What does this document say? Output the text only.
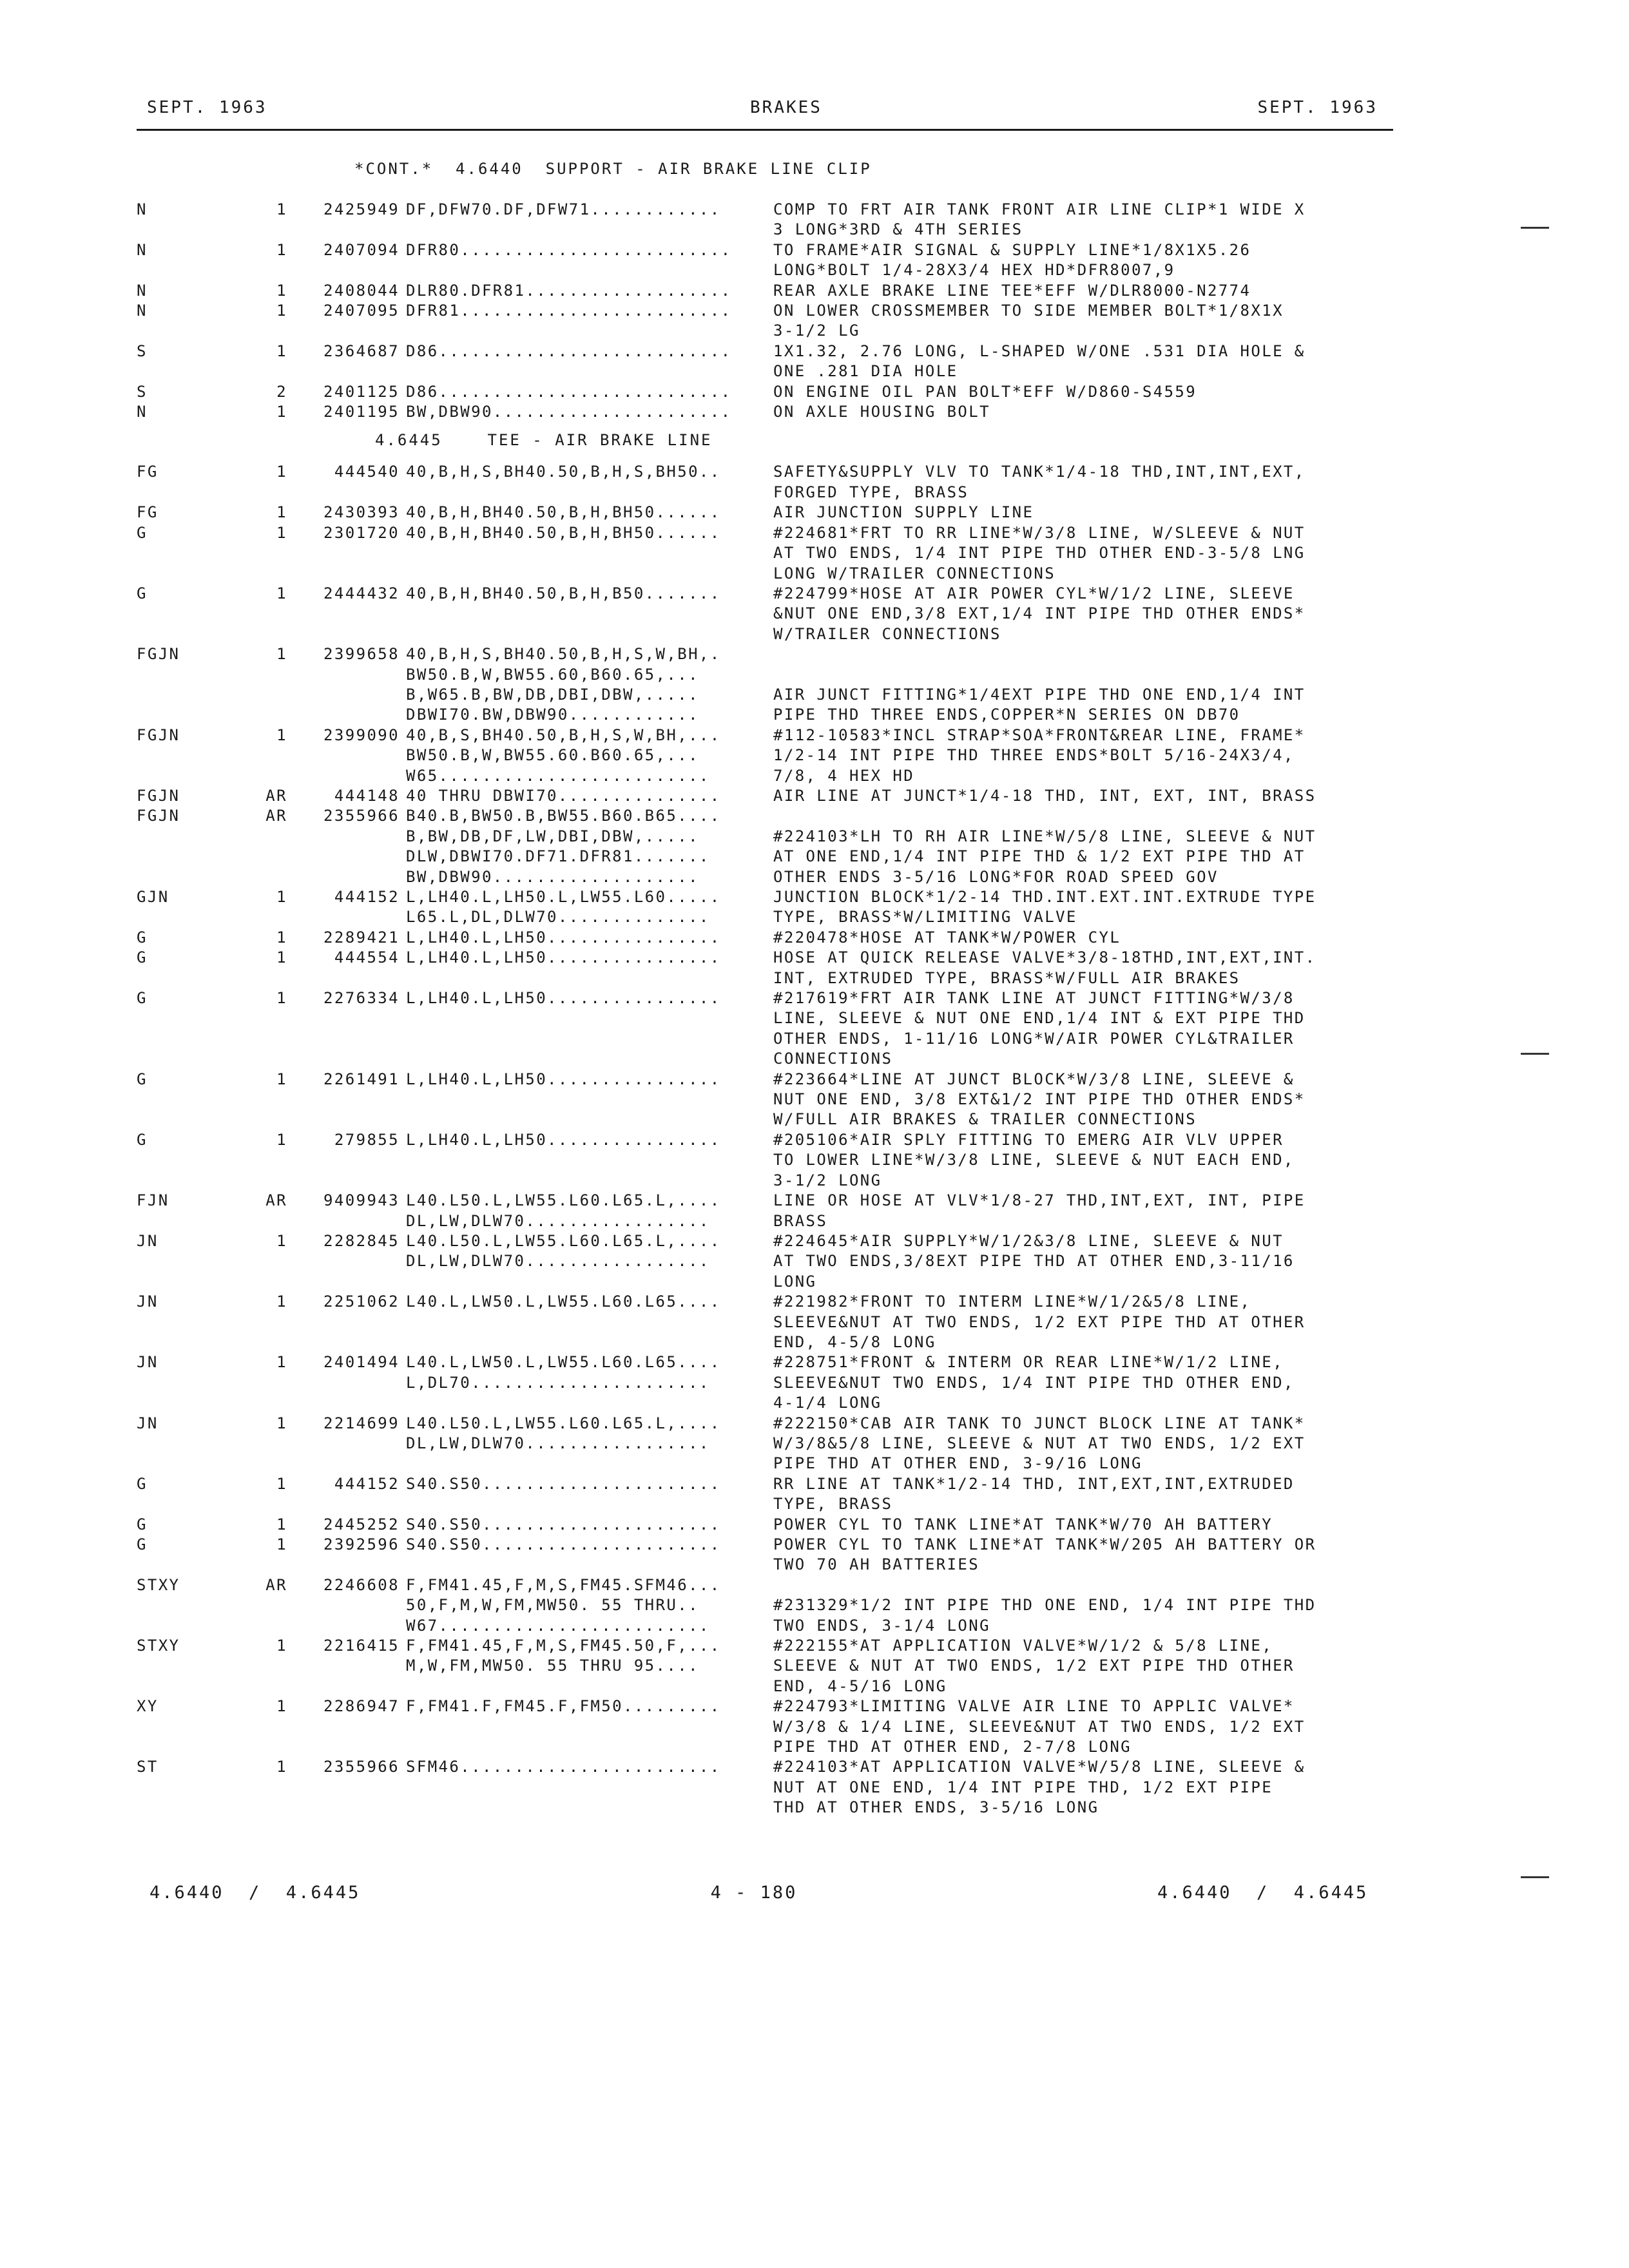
SEPT. 1963	BRAKES	SEPT. 1963
*CONT.*  4.6440  SUPPORT - AIR BRAKE LINE CLIP
N	1	2425949 DF,DFW70.DF,DFW71............	COMP TO FRT AIR TANK FRONT AIR LINE CLIP*1 WIDE X
3 LONG*3RD & 4TH SERIES
N	1	2407094 DFR80.........................	TO FRAME*AIR SIGNAL & SUPPLY LINE*1/8X1X5.26
LONG*BOLT 1/4-28X3/4 HEX HD*DFR8007,9
N	1	2408044 DLR80.DFR81...................	REAR AXLE BRAKE LINE TEE*EFF W/DLR8000-N2774
N	1	2407095 DFR81.........................	ON LOWER CROSSMEMBER TO SIDE MEMBER BOLT*1/8X1X
3-1/2 LG
S	1	2364687 D86...........................	1X1.32, 2.76 LONG, L-SHAPED W/ONE .531 DIA HOLE &
ONE .281 DIA HOLE
S	2	2401125 D86...........................	ON ENGINE OIL PAN BOLT*EFF W/D860-S4559
N	1	2401195 BW,DBW90......................	ON AXLE HOUSING BOLT
4.6445    TEE - AIR BRAKE LINE
FG	1	444540 40,B,H,S,BH40.50,B,H,S,BH50..	SAFETY&SUPPLY VLV TO TANK*1/4-18 THD,INT,INT,EXT,
FORGED TYPE, BRASS
FG	1	2430393 40,B,H,BH40.50,B,H,BH50......	AIR JUNCTION SUPPLY LINE
G	1	2301720 40,B,H,BH40.50,B,H,BH50......	#224681*FRT TO RR LINE*W/3/8 LINE, W/SLEEVE & NUT
AT TWO ENDS, 1/4 INT PIPE THD OTHER END-3-5/8 LNG
LONG W/TRAILER CONNECTIONS
G	1	2444432 40,B,H,BH40.50,B,H,B50.......	#224799*HOSE AT AIR POWER CYL*W/1/2 LINE, SLEEVE
&NUT ONE END,3/8 EXT,1/4 INT PIPE THD OTHER ENDS*
W/TRAILER CONNECTIONS
FGJN	1	2399658 40,B,H,S,BH40.50,B,H,S,W,BH,.
BW50.B,W,BW55.60,B60.65,...
B,W65.B,BW,DB,DBI,DBW,.....	AIR JUNCT FITTING*1/4EXT PIPE THD ONE END,1/4 INT
DBWI70.BW,DBW90............	PIPE THD THREE ENDS,COPPER*N SERIES ON DB70
FGJN	1	2399090 40,B,S,BH40.50,B,H,S,W,BH,...	#112-10583*INCL STRAP*SOA*FRONT&REAR LINE, FRAME*
BW50.B,W,BW55.60.B60.65,...	1/2-14 INT PIPE THD THREE ENDS*BOLT 5/16-24X3/4,
W65.........................	7/8, 4 HEX HD
FGJN	AR	444148 40 THRU DBWI70...............	AIR LINE AT JUNCT*1/4-18 THD, INT, EXT, INT, BRASS
FGJN	AR	2355966 B40.B,BW50.B,BW55.B60.B65....
B,BW,DB,DF,LW,DBI,DBW,.....	#224103*LH TO RH AIR LINE*W/5/8 LINE, SLEEVE & NUT
DLW,DBWI70.DF71.DFR81.......	AT ONE END,1/4 INT PIPE THD & 1/2 EXT PIPE THD AT
BW,DBW90...................	OTHER ENDS 3-5/16 LONG*FOR ROAD SPEED GOV
GJN	1	444152 L,LH40.L,LH50.L,LW55.L60.....	JUNCTION BLOCK*1/2-14 THD.INT.EXT.INT.EXTRUDE TYPE
L65.L,DL,DLW70..............	TYPE, BRASS*W/LIMITING VALVE
G	1	2289421 L,LH40.L,LH50................	#220478*HOSE AT TANK*W/POWER CYL
G	1	444554 L,LH40.L,LH50................	HOSE AT QUICK RELEASE VALVE*3/8-18THD,INT,EXT,INT.
INT, EXTRUDED TYPE, BRASS*W/FULL AIR BRAKES
G	1	2276334 L,LH40.L,LH50................	#217619*FRT AIR TANK LINE AT JUNCT FITTING*W/3/8
LINE, SLEEVE & NUT ONE END,1/4 INT & EXT PIPE THD
OTHER ENDS, 1-11/16 LONG*W/AIR POWER CYL&TRAILER
CONNECTIONS
G	1	2261491 L,LH40.L,LH50................	#223664*LINE AT JUNCT BLOCK*W/3/8 LINE, SLEEVE &
NUT ONE END, 3/8 EXT&1/2 INT PIPE THD OTHER ENDS*
W/FULL AIR BRAKES & TRAILER CONNECTIONS
G	1	279855 L,LH40.L,LH50................	#205106*AIR SPLY FITTING TO EMERG AIR VLV UPPER
TO LOWER LINE*W/3/8 LINE, SLEEVE & NUT EACH END,
3-1/2 LONG
FJN	AR	9409943 L40.L50.L,LW55.L60.L65.L,....	LINE OR HOSE AT VLV*1/8-27 THD,INT,EXT, INT, PIPE
DL,LW,DLW70.................	BRASS
JN	1	2282845 L40.L50.L,LW55.L60.L65.L,....	#224645*AIR SUPPLY*W/1/2&3/8 LINE, SLEEVE & NUT
DL,LW,DLW70.................	AT TWO ENDS,3/8EXT PIPE THD AT OTHER END,3-11/16
LONG
JN	1	2251062 L40.L,LW50.L,LW55.L60.L65....	#221982*FRONT TO INTERM LINE*W/1/2&5/8 LINE,
SLEEVE&NUT AT TWO ENDS, 1/2 EXT PIPE THD AT OTHER
END, 4-5/8 LONG
JN	1	2401494 L40.L,LW50.L,LW55.L60.L65....	#228751*FRONT & INTERM OR REAR LINE*W/1/2 LINE,
L,DL70......................	SLEEVE&NUT TWO ENDS, 1/4 INT PIPE THD OTHER END,
4-1/4 LONG
JN	1	2214699 L40.L50.L,LW55.L60.L65.L,....	#222150*CAB AIR TANK TO JUNCT BLOCK LINE AT TANK*
DL,LW,DLW70.................	W/3/8&5/8 LINE, SLEEVE & NUT AT TWO ENDS, 1/2 EXT
PIPE THD AT OTHER END, 3-9/16 LONG
G	1	444152 S40.S50......................	RR LINE AT TANK*1/2-14 THD, INT,EXT,INT,EXTRUDED
TYPE, BRASS
G	1	2445252 S40.S50......................	POWER CYL TO TANK LINE*AT TANK*W/70 AH BATTERY
G	1	2392596 S40.S50......................	POWER CYL TO TANK LINE*AT TANK*W/205 AH BATTERY OR
TWO 70 AH BATTERIES
STXY	AR	2246608 F,FM41.45,F,M,S,FM45.SFM46...
50,F,M,W,FM,MW50. 55 THRU..	#231329*1/2 INT PIPE THD ONE END, 1/4 INT PIPE THD
W67.........................	TWO ENDS, 3-1/4 LONG
STXY	1	2216415 F,FM41.45,F,M,S,FM45.50,F,...	#222155*AT APPLICATION VALVE*W/1/2 & 5/8 LINE,
M,W,FM,MW50. 55 THRU 95....	SLEEVE & NUT AT TWO ENDS, 1/2 EXT PIPE THD OTHER
END, 4-5/16 LONG
XY	1	2286947 F,FM41.F,FM45.F,FM50.........	#224793*LIMITING VALVE AIR LINE TO APPLIC VALVE*
W/3/8 & 1/4 LINE, SLEEVE&NUT AT TWO ENDS, 1/2 EXT
PIPE THD AT OTHER END, 2-7/8 LONG
ST	1	2355966 SFM46........................	#224103*AT APPLICATION VALVE*W/5/8 LINE, SLEEVE &
NUT AT ONE END, 1/4 INT PIPE THD, 1/2 EXT PIPE
THD AT OTHER ENDS, 3-5/16 LONG
4.6440  /  4.6445	4 - 180	4.6440  /  4.6445
